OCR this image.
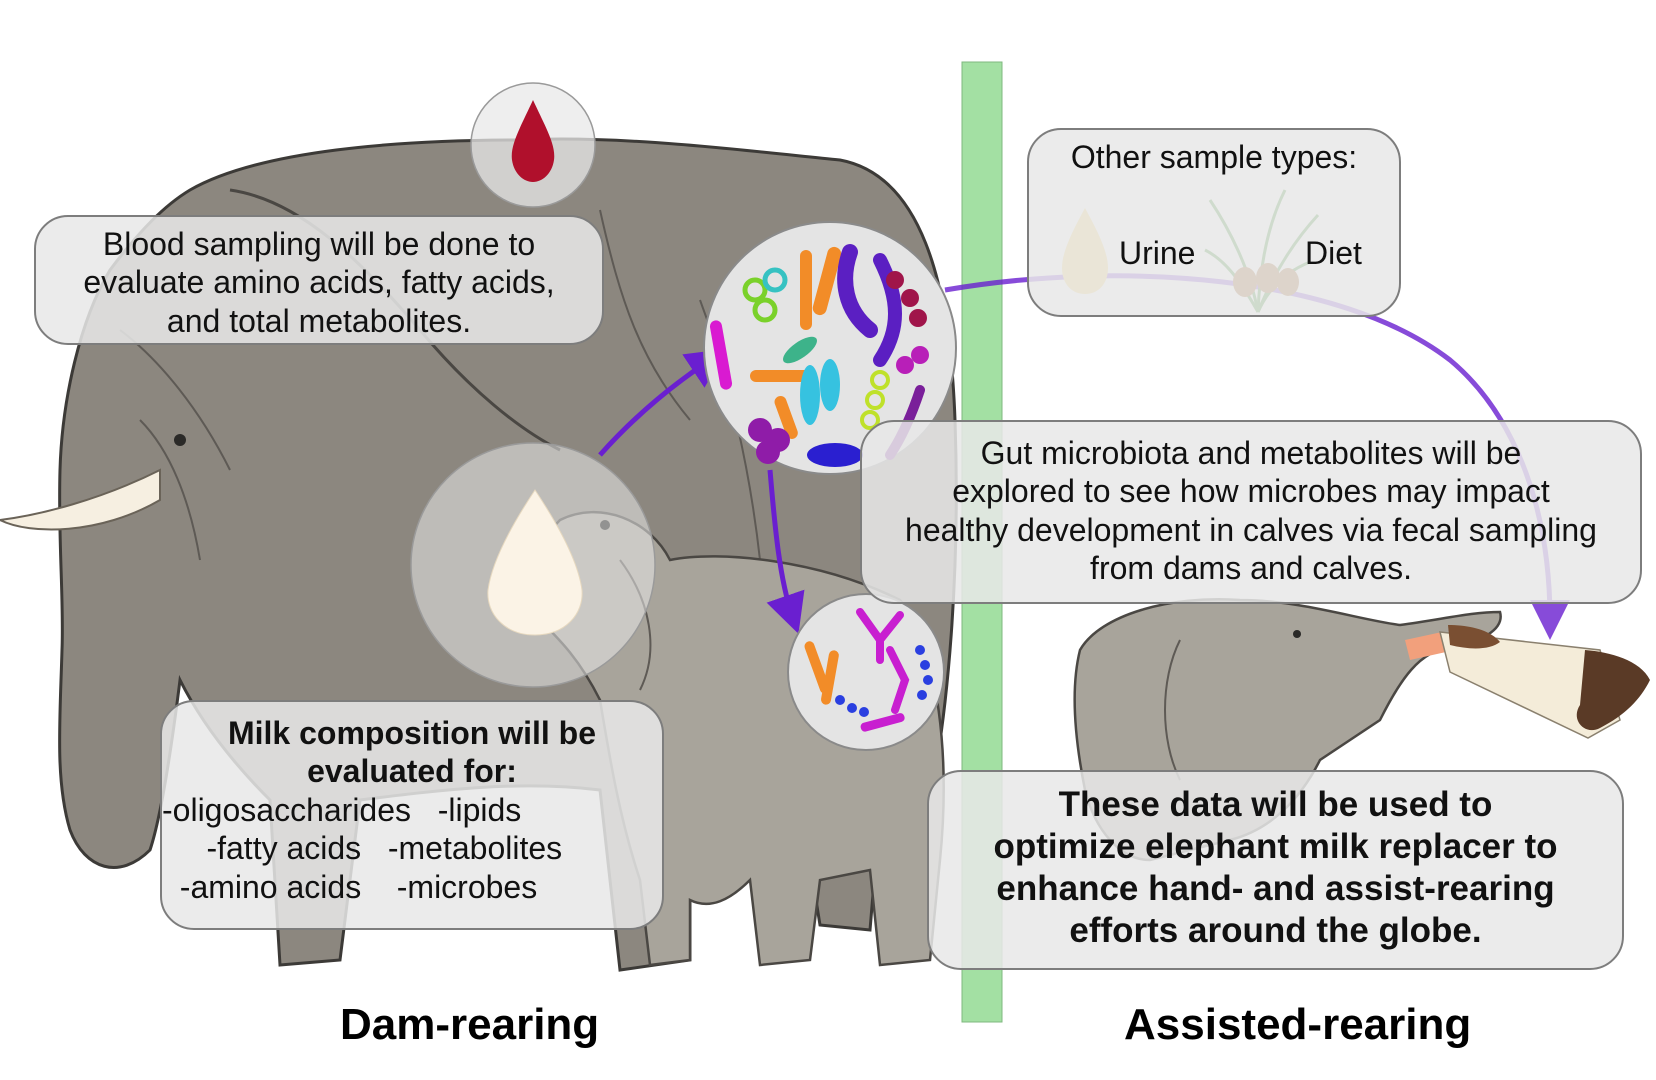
Blood sampling will be done to
evaluate amino acids, fatty acids,
and total metabolites.
Milk composition will be
evaluated for:
-oligosaccharides   -lipids
-fatty acids   -metabolites
-amino acids    -microbes
Gut microbiota and metabolites will be
explored to see how microbes may impact
healthy development in calves via fecal sampling
from dams and calves.
Other sample types:
Urine	Diet
These data will be used to
optimize elephant milk replacer to
enhance hand- and assist-rearing
efforts around the globe.
Dam-rearing	Assisted-rearing
